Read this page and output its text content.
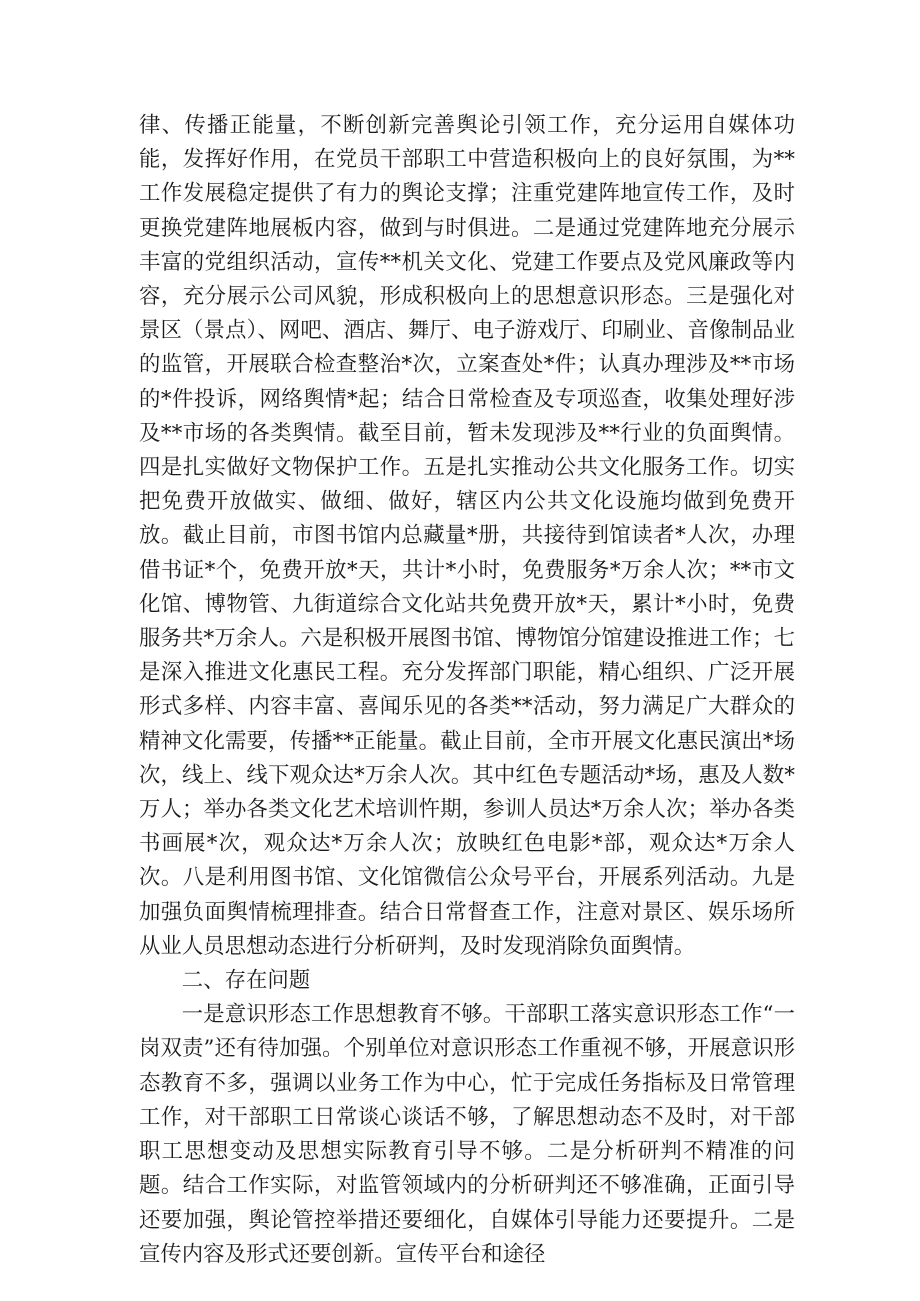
律、传播正能量，不断创新完善舆论引领工作，充分运用自媒体功能，发挥好作用，在党员干部职工中营造积极向上的良好氛围，为**工作发展稳定提供了有力的舆论支撑；注重党建阵地宣传工作，及时更换党建阵地展板内容，做到与时俱进。二是通过党建阵地充分展示丰富的党组织活动，宣传**机关文化、党建工作要点及党风廉政等内容，充分展示公司风貌，形成积极向上的思想意识形态。三是强化对景区（景点）、网吧、酒店、舞厅、电子游戏厅、印刷业、音像制品业的监管，开展联合检查整治*次，立案查处*件；认真办理涉及**市场的*件投诉，网络舆情*起；结合日常检查及专项巡查，收集处理好涉及**市场的各类舆情。截至目前，暂未发现涉及**行业的负面舆情。四是扎实做好文物保护工作。五是扎实推动公共文化服务工作。切实把免费开放做实、做细、做好，辖区内公共文化设施均做到免费开放。截止目前，市图书馆内总藏量*册，共接待到馆读者*人次，办理借书证*个，免费开放*天，共计*小时，免费服务*万余人次；**市文化馆、博物管、九街道综合文化站共免费开放*天，累计*小时，免费服务共*万余人。六是积极开展图书馆、博物馆分馆建设推进工作；七是深入推进文化惠民工程。充分发挥部门职能，精心组织、广泛开展形式多样、内容丰富、喜闻乐见的各类**活动，努力满足广大群众的精神文化需要，传播**正能量。截止目前，全市开展文化惠民演出*场次，线上、线下观众达*万余人次。其中红色专题活动*场，惠及人数*万人；举办各类文化艺术培训忤期，参训人员达*万余人次；举办各类书画展*次，观众达*万余人次；放映红色电影*部，观众达*万余人次。八是利用图书馆、文化馆微信公众号平台，开展系列活动。九是加强负面舆情梳理排查。结合日常督查工作，注意对景区、娱乐场所从业人员思想动态进行分析研判，及时发现消除负面舆情。

二、存在问题

一是意识形态工作思想教育不够。干部职工落实意识形态工作“一岗双责”还有待加强。个别单位对意识形态工作重视不够，开展意识形态教育不多，强调以业务工作为中心，忙于完成任务指标及日常管理工作，对干部职工日常谈心谈话不够，了解思想动态不及时，对干部职工思想变动及思想实际教育引导不够。二是分析研判不精准的问题。结合工作实际，对监管领域内的分析研判还不够准确，正面引导还要加强，舆论管控举措还要细化，自媒体引导能力还要提升。二是宣传内容及形式还要创新。宣传平台和途径
